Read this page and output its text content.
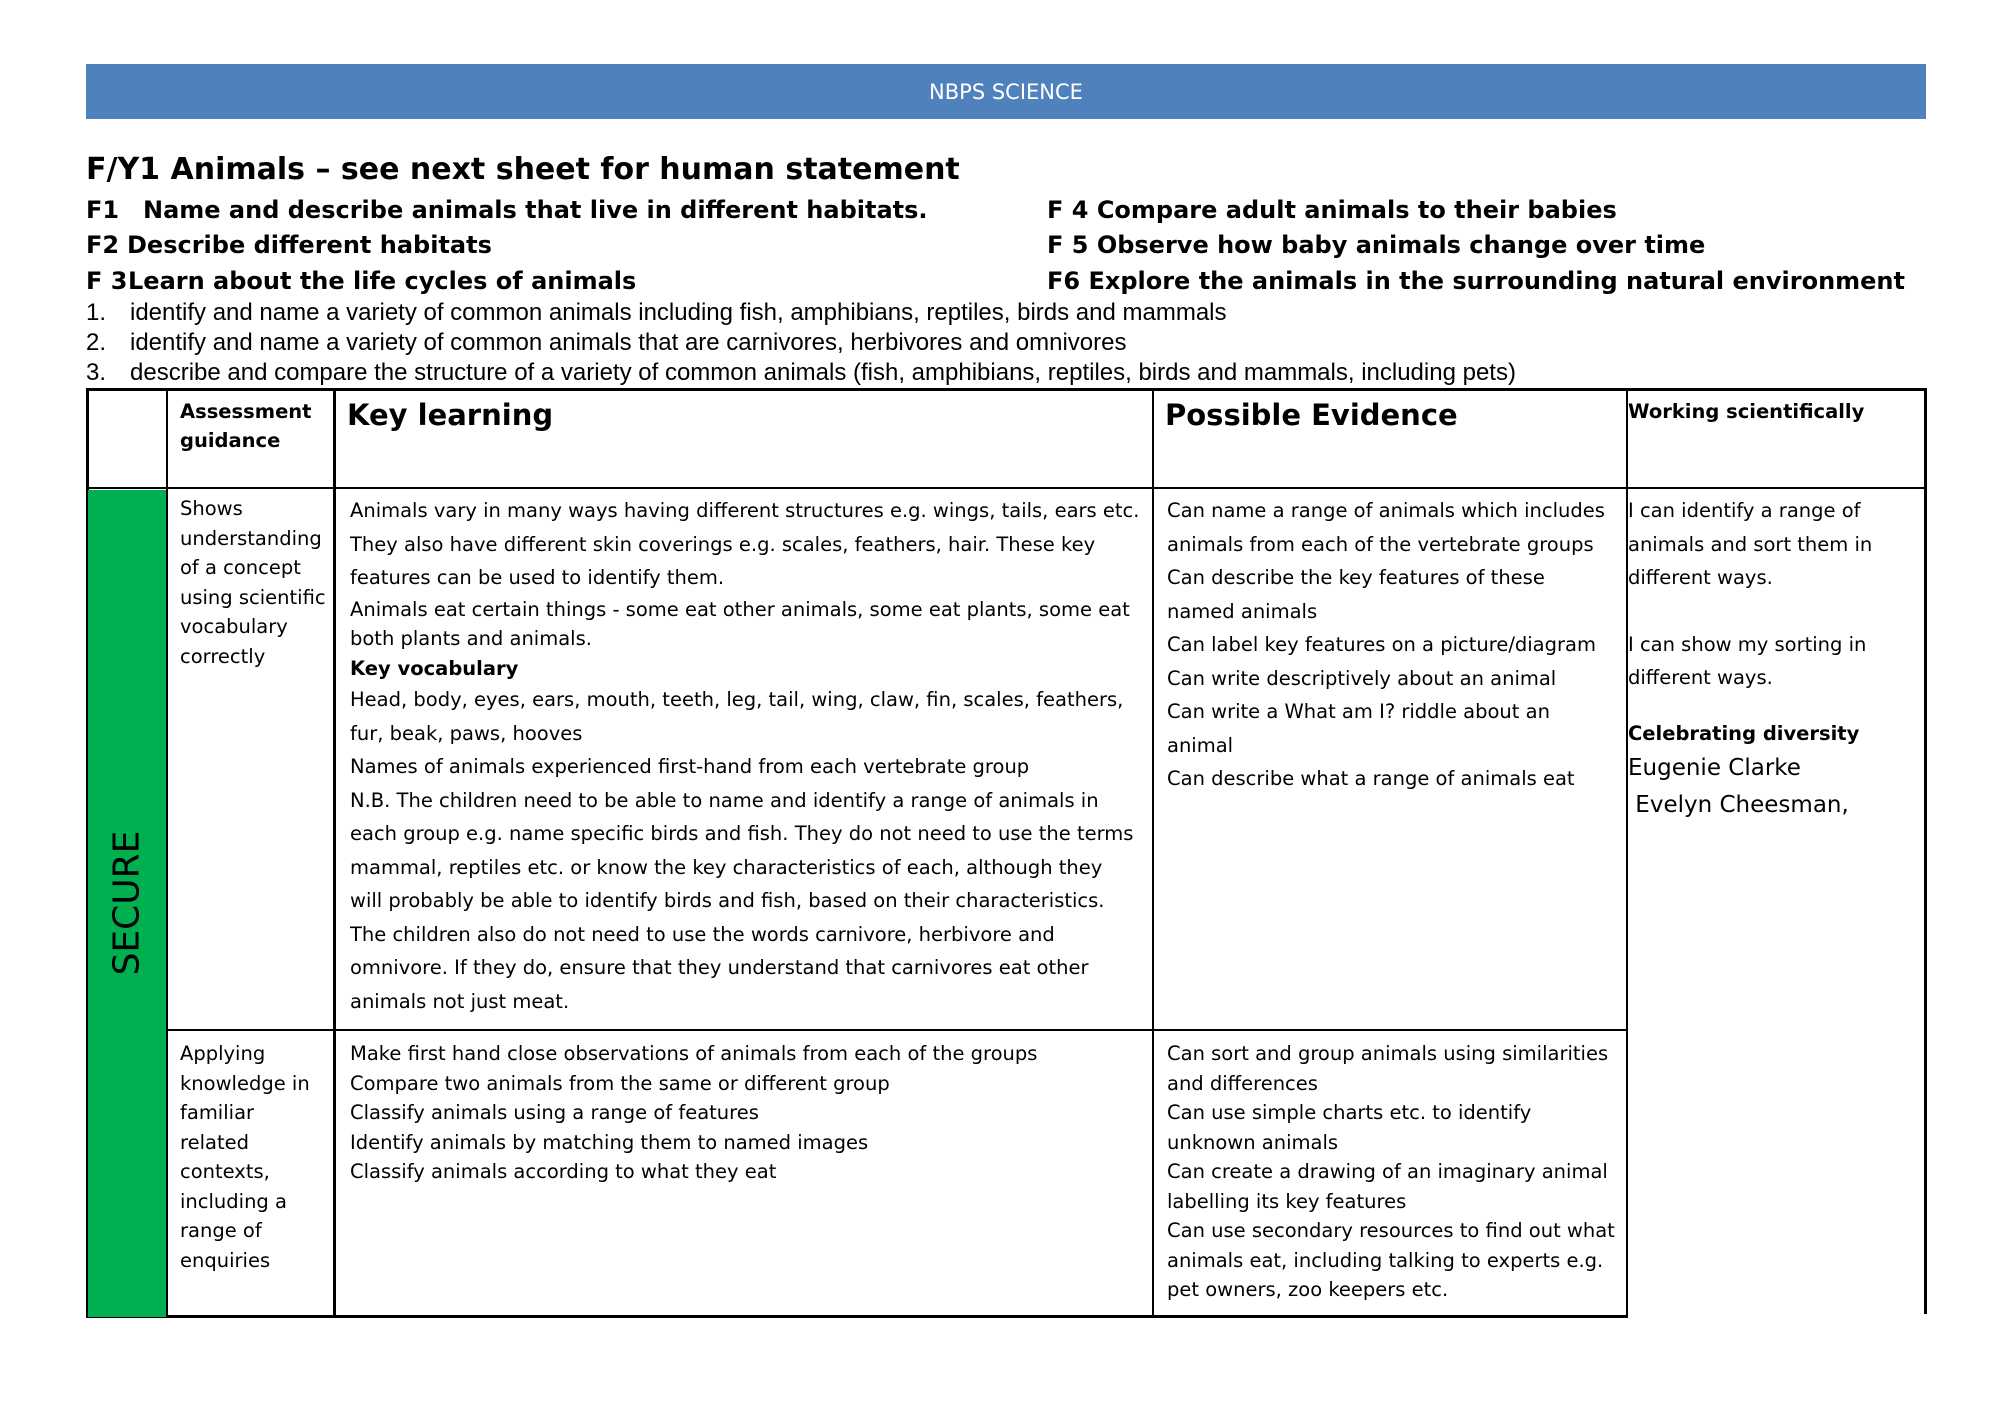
NBPS SCIENCE
F/Y1 Animals – see next sheet for human statement
F1 Name and describe animals that live in different habitats.
F2 Describe different habitats
F 3Learn about the life cycles of animals
F 4 Compare adult animals to their babies
F 5 Observe how baby animals change over time
F6 Explore the animals in the surrounding natural environment
1. identify and name a variety of common animals including fish, amphibians, reptiles, birds and mammals
2. identify and name a variety of common animals that are carnivores, herbivores and omnivores
3. describe and compare the structure of a variety of common animals (fish, amphibians, reptiles, birds and mammals, including pets)
Assessment guidance
Key learning	Possible Evidence	Working scientifically
SECURE
Shows understanding of a concept using scientific vocabulary correctly

Animals vary in many ways having different structures e.g. wings, tails, ears etc. They also have different skin coverings e.g. scales, feathers, hair. These key features can be used to identify them.

Animals eat certain things - some eat other animals, some eat plants, some eat both plants and animals.

Key vocabulary

Head, body, eyes, ears, mouth, teeth, leg, tail, wing, claw, fin, scales, feathers, fur, beak, paws, hooves

Names of animals experienced first-hand from each vertebrate group

N.B. The children need to be able to name and identify a range of animals in each group e.g. name specific birds and fish. They do not need to use the terms mammal, reptiles etc. or know the key characteristics of each, although they will probably be able to identify birds and fish, based on their characteristics.

The children also do not need to use the words carnivore, herbivore and omnivore. If they do, ensure that they understand that carnivores eat other animals not just meat.

Can name a range of animals which includes animals from each of the vertebrate groups

Can describe the key features of these named animals

Can label key features on a picture/diagram

Can write descriptively about an animal

Can write a What am I? riddle about an animal

Can describe what a range of animals eat

I can identify a range of animals and sort them in different ways.

I can show my sorting in different ways.

Celebrating diversity

Eugenie Clarke

Evelyn Cheesman,

Applying knowledge in familiar related contexts, including a range of enquiries

Make first hand close observations of animals from each of the groups

Compare two animals from the same or different group

Classify animals using a range of features

Identify animals by matching them to named images

Classify animals according to what they eat

Can sort and group animals using similarities and differences

Can use simple charts etc. to identify unknown animals

Can create a drawing of an imaginary animal labelling its key features

Can use secondary resources to find out what animals eat, including talking to experts e.g. pet owners, zoo keepers etc.
